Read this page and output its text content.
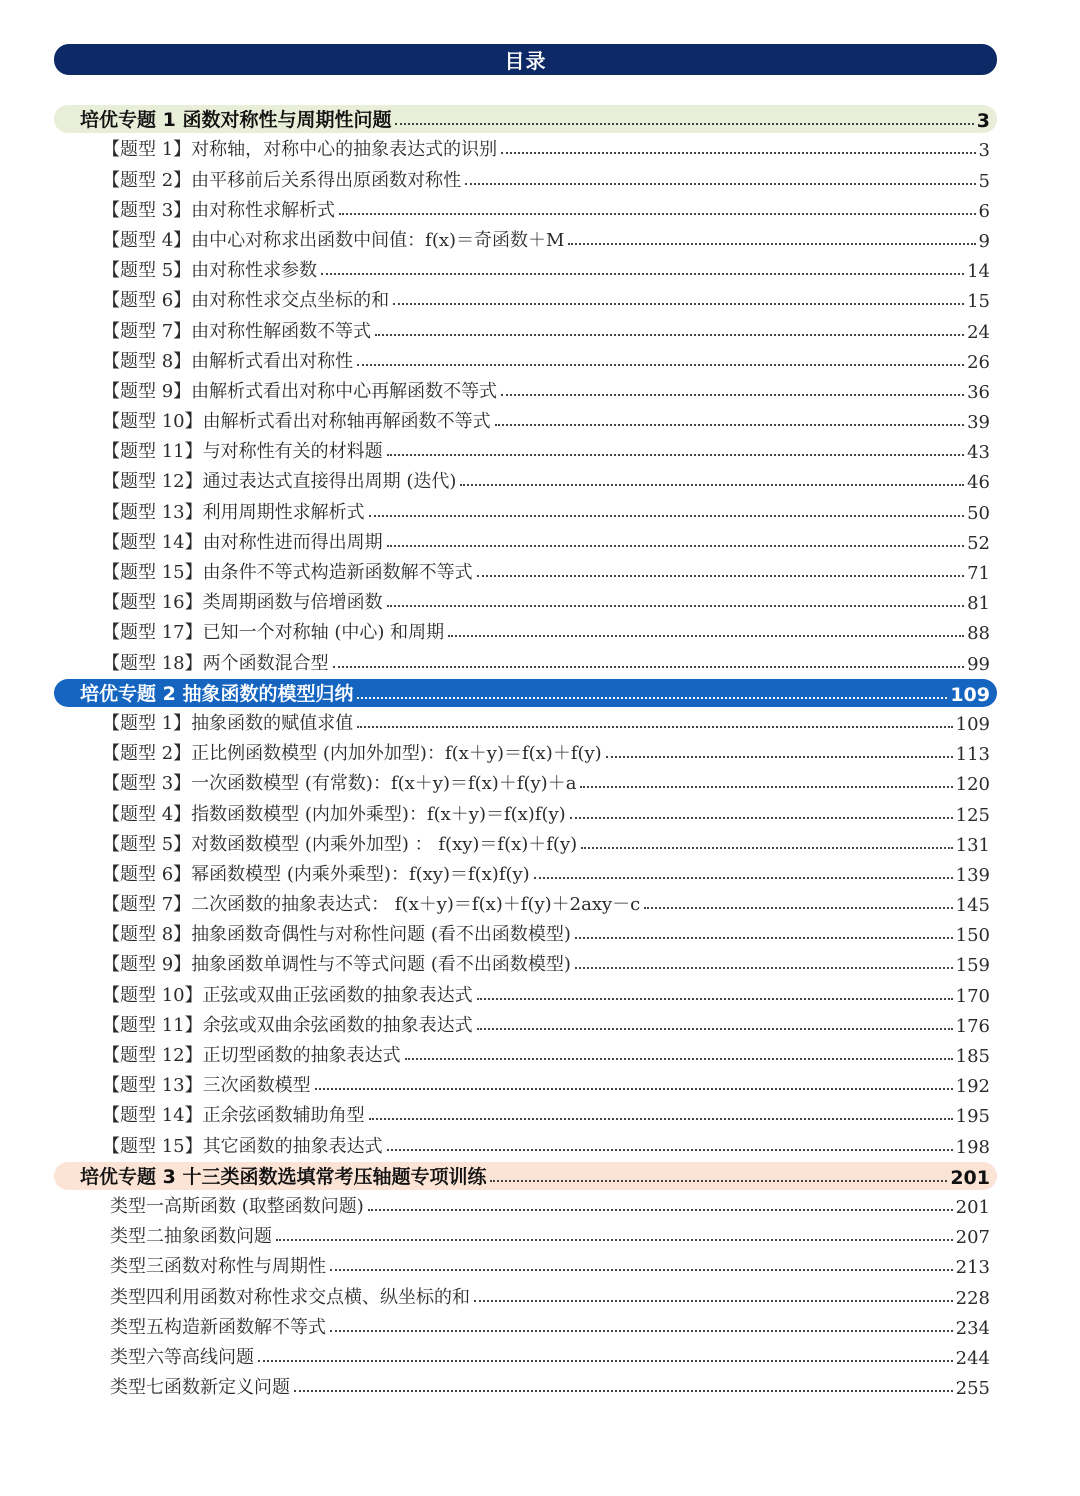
目录
培优专题 1 函数对称性与周期性问题	3
【题型 1】对称轴，对称中心的抽象表达式的识别	3
【题型 2】由平移前后关系得出原函数对称性	5
【题型 3】由对称性求解析式	6
【题型 4】由中心对称求出函数中间值：f(x)＝奇函数＋M	9
【题型 5】由对称性求参数	14
【题型 6】由对称性求交点坐标的和	15
【题型 7】由对称性解函数不等式	24
【题型 8】由解析式看出对称性	26
【题型 9】由解析式看出对称中心再解函数不等式	36
【题型 10】由解析式看出对称轴再解函数不等式	39
【题型 11】与对称性有关的材料题	43
【题型 12】通过表达式直接得出周期 (迭代)	46
【题型 13】利用周期性求解析式	50
【题型 14】由对称性进而得出周期	52
【题型 15】由条件不等式构造新函数解不等式	71
【题型 16】类周期函数与倍增函数	81
【题型 17】已知一个对称轴 (中心) 和周期	88
【题型 18】两个函数混合型	99
培优专题 2 抽象函数的模型归纳	109
【题型 1】抽象函数的赋值求值	109
【题型 2】正比例函数模型 (内加外加型)：f(x＋y)＝f(x)＋f(y)	113
【题型 3】一次函数模型 (有常数)：f(x＋y)＝f(x)＋f(y)＋a	120
【题型 4】指数函数模型 (内加外乘型)：f(x＋y)＝f(x)f(y)	125
【题型 5】对数函数模型 (内乘外加型) ： f(xy)＝f(x)＋f(y)	131
【题型 6】幂函数模型 (内乘外乘型)：f(xy)＝f(x)f(y)	139
【题型 7】二次函数的抽象表达式： f(x＋y)＝f(x)＋f(y)＋2axy－c	145
【题型 8】抽象函数奇偶性与对称性问题 (看不出函数模型)	150
【题型 9】抽象函数单调性与不等式问题 (看不出函数模型)	159
【题型 10】正弦或双曲正弦函数的抽象表达式	170
【题型 11】余弦或双曲余弦函数的抽象表达式	176
【题型 12】正切型函数的抽象表达式	185
【题型 13】三次函数模型	192
【题型 14】正余弦函数辅助角型	195
【题型 15】其它函数的抽象表达式	198
培优专题 3 十三类函数选填常考压轴题专项训练	201
类型一高斯函数 (取整函数问题)	201
类型二抽象函数问题	207
类型三函数对称性与周期性	213
类型四利用函数对称性求交点横、纵坐标的和	228
类型五构造新函数解不等式	234
类型六等高线问题	244
类型七函数新定义问题	255
